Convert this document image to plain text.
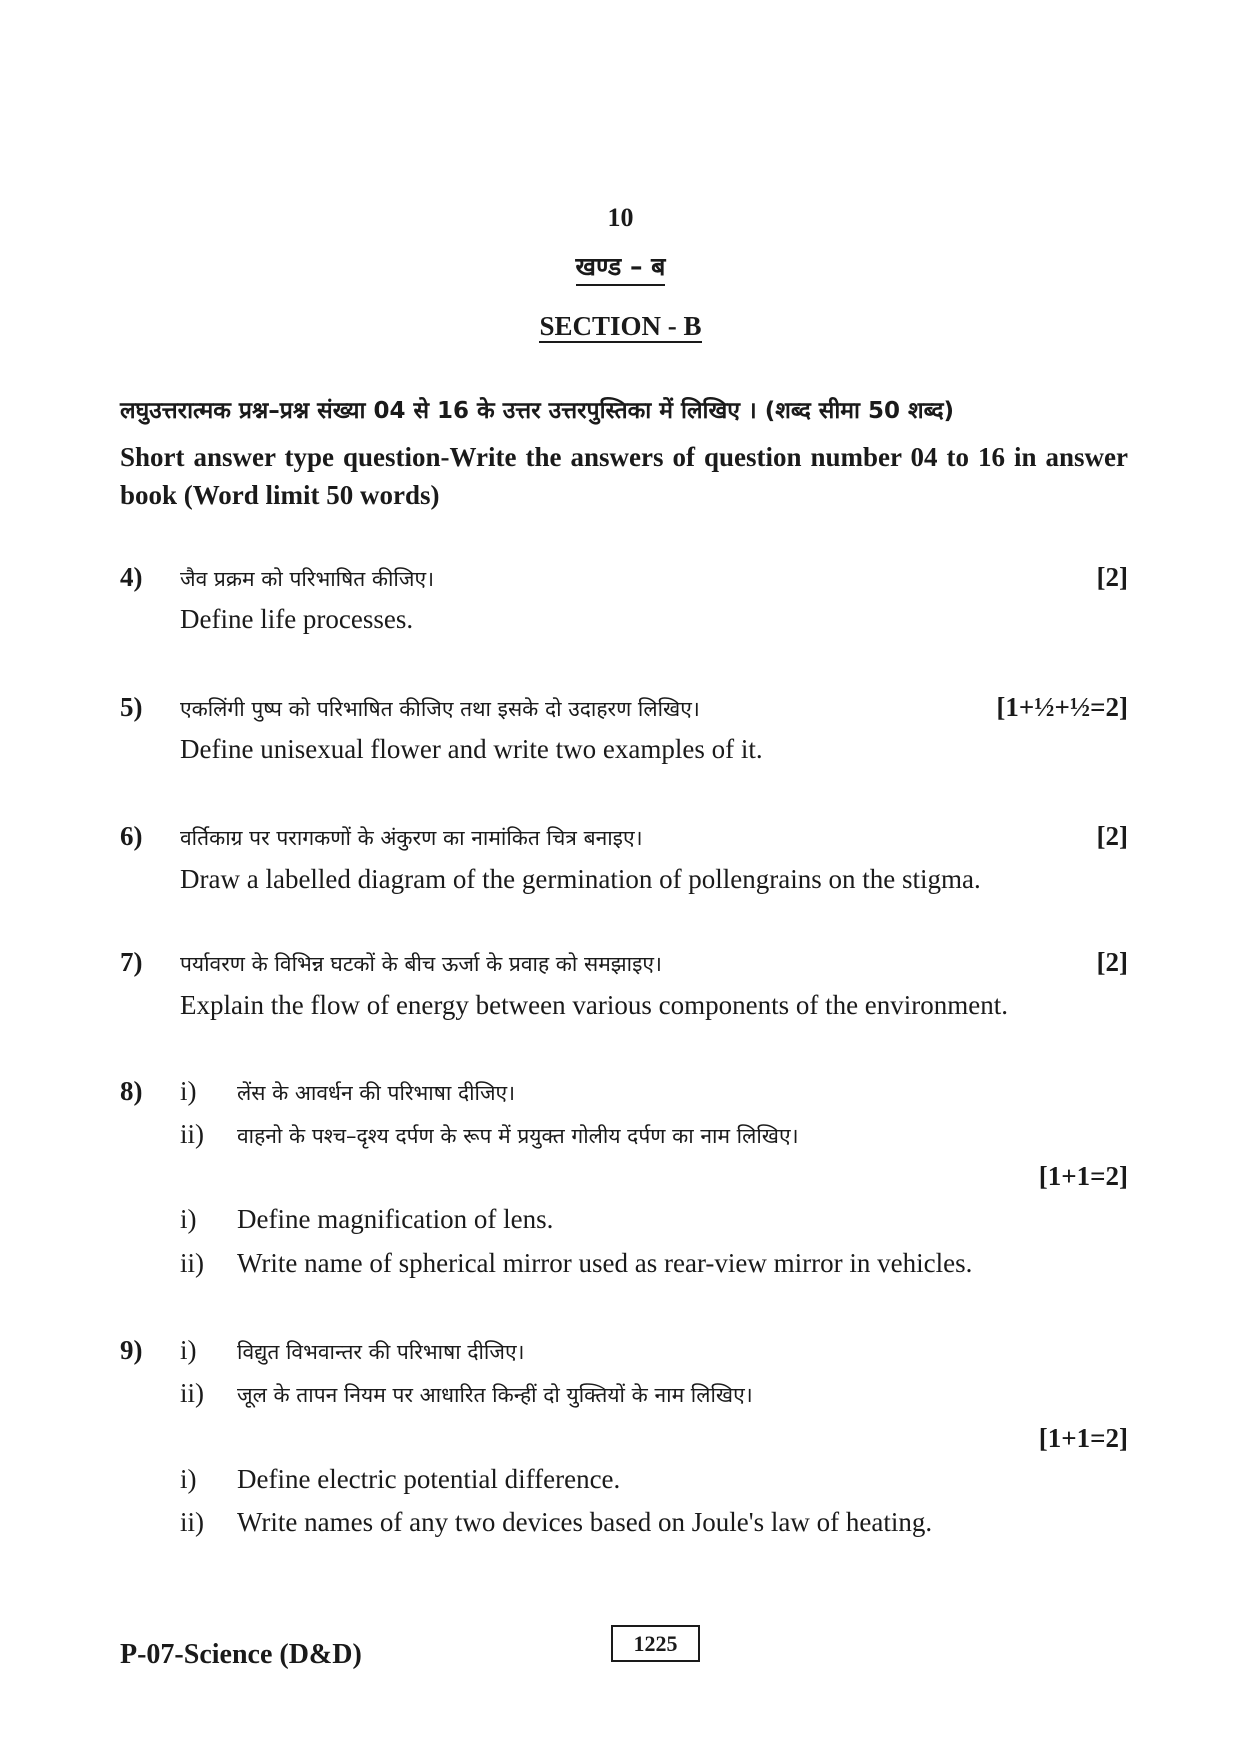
10
खण्ड – ब
SECTION - B
लघुउत्तरात्मक प्रश्न–प्रश्न संख्या 04 से 16 के उत्तर उत्तरपुस्तिका में लिखिए । (शब्द सीमा 50 शब्द)
Short answer type question-Write the answers of question number 04 to 16 in answer book (Word limit 50 words)
4) जैव प्रक्रम को परिभाषित कीजिए।	[2]
Define life processes.
5) एकलिंगी पुष्प को परिभाषित कीजिए तथा इसके दो उदाहरण लिखिए।	[1+½+½=2]
Define unisexual flower and write two examples of it.
6) वर्तिकाग्र पर परागकणों के अंकुरण का नामांकित चित्र बनाइए।	[2]
Draw a labelled diagram of the germination of pollengrains on the stigma.
7) पर्यावरण के विभिन्न घटकों के बीच ऊर्जा के प्रवाह को समझाइए।	[2]
Explain the flow of energy between various components of the environment.
8) i) लेंस के आवर्धन की परिभाषा दीजिए।
ii) वाहनो के पश्च–दृश्य दर्पण के रूप में प्रयुक्त गोलीय दर्पण का नाम लिखिए।
[1+1=2]
i) Define magnification of lens.
ii) Write name of spherical mirror used as rear-view mirror in vehicles.
9) i) विद्युत विभवान्तर की परिभाषा दीजिए।
ii) जूल के तापन नियम पर आधारित किन्हीं दो युक्तियों के नाम लिखिए।
[1+1=2]
i) Define electric potential difference.
ii) Write names of any two devices based on Joule's law of heating.
P-07-Science (D&D)	1225
